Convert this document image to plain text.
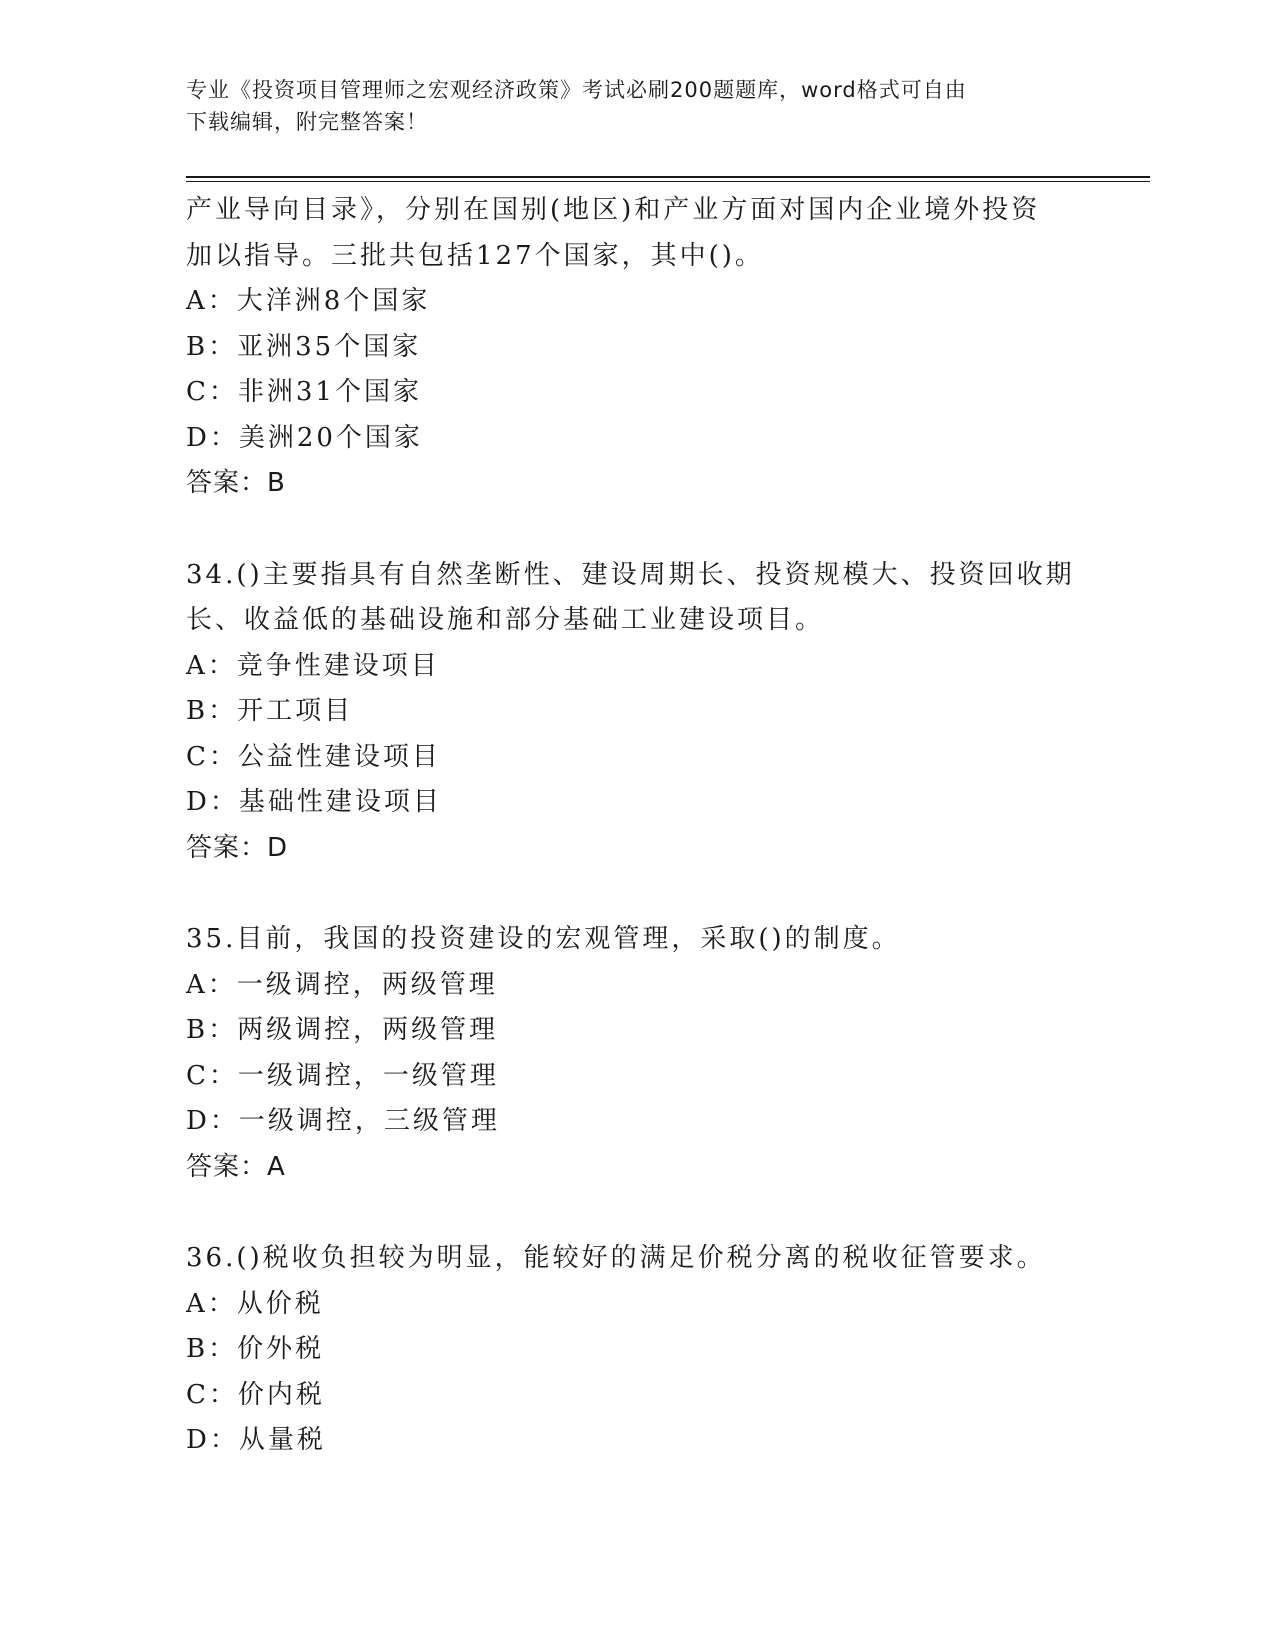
专业《投资项目管理师之宏观经济政策》考试必刷200题题库，word格式可自由
下载编辑，附完整答案！
产业导向目录》，分别在国别(地区)和产业方面对国内企业境外投资
加以指导。三批共包括127个国家，其中()。
A：大洋洲8个国家
B：亚洲35个国家
C：非洲31个国家
D：美洲20个国家
答案：B
34.()主要指具有自然垄断性、建设周期长、投资规模大、投资回收期
长、收益低的基础设施和部分基础工业建设项目。
A：竞争性建设项目
B：开工项目
C：公益性建设项目
D：基础性建设项目
答案：D
35.目前，我国的投资建设的宏观管理，采取()的制度。
A：一级调控，两级管理
B：两级调控，两级管理
C：一级调控，一级管理
D：一级调控，三级管理
答案：A
36.()税收负担较为明显，能较好的满足价税分离的税收征管要求。
A：从价税
B：价外税
C：价内税
D：从量税
